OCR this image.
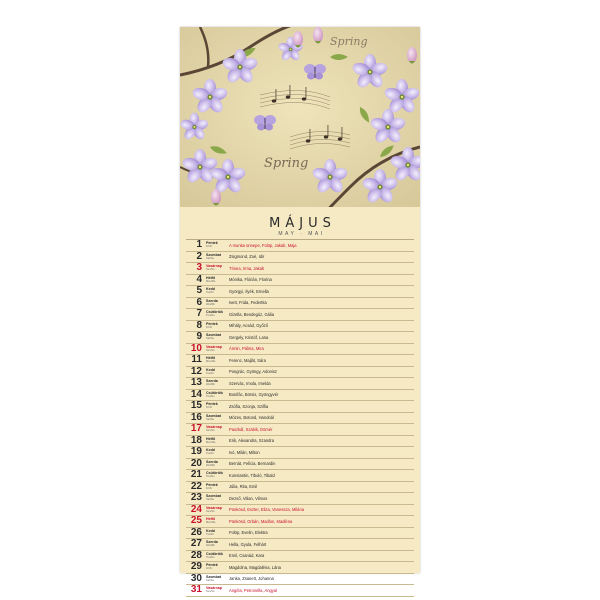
Spring
Spring
MÁJUS
MAY · MAI
1 Péntek
Fri/Fr	A munka ünnepe, Fülöp, Jakab, Maja
2 Szombat
Sat/Sa	Zsigmond, Zoé, Idir
3 Vasárnap
Sun/So	Tímea, Irma, Jakab
4 Hétfő
Mon/Mo	Mónika, Flórián, Florina
5 Kedd
Tue/Di	Györgyi, Ilyék, Ernella
6 Szerda
Wed/Mi	Ivett, Frida, Federtka
7 Csütörtök
Thu/Do	Gizella, Bendegúz, Gália
8 Péntek
Fri/Fr	Mihály, Acsád, Győző
9 Szombat
Sat/Sa	Gergely, Kristóf, Lana
10 Vasárnap
Sun/So	Ármin, Pálma, Mira
11 Hétfő
Mon/Mo	Ferenc, Majlát, Sára
12 Kedd
Tue/Di	Pongrác, Gyöngy, Adonisz
13 Szerda
Wed/Mi	Szervác, Imola, Imelda
14 Csütörtök
Thu/Do	Bonifác, Börsis, Gyöngyvér
15 Péntek
Fri/Fr	Zsófia, Szonja, Szilfia
16 Szombat
Sat/Sa	Mózes, Botond, Hanobál
17 Vasárnap
Sun/So	Paszkál, Szabik, Dömér
18 Hétfő
Mon/Mo	Erik, Alexandra, Szandra
19 Kedd
Tue/Di	Ivó, Milán, Milton
20 Szerda
Wed/Mi	Bernát, Felícia, Bernardin
21 Csütörtök
Thu/Do	Konstantin, Tiboló, Tibald
22 Péntek
Fri/Fr	Júlia, Rita, Emil
23 Szombat
Sat/Sa	Dezső, Vilian, Vilmos
24 Vasárnap
Sun/So	Pünkösd, Eszter, Eliza, Vanessza, Milána
25 Hétfő
Mon/Mo	Pünkösd, Orbán, Madlon, Madléna
26 Kedd
Tue/Di	Fülöp, Evelin, Elektra
27 Szerda
Wed/Mi	Hella, Gyula, Felhárt
28 Csütörtök
Thu/Do	Emil, Csanád, Kara
29 Péntek
Fri/Fr	Magdolna, Magdaléna, Lána
30 Szombat
Sat/Sa	Janka, Zsanett, Johanna
31 Vasárnap
Sun/So	Angéla, Petronella, Angyal
